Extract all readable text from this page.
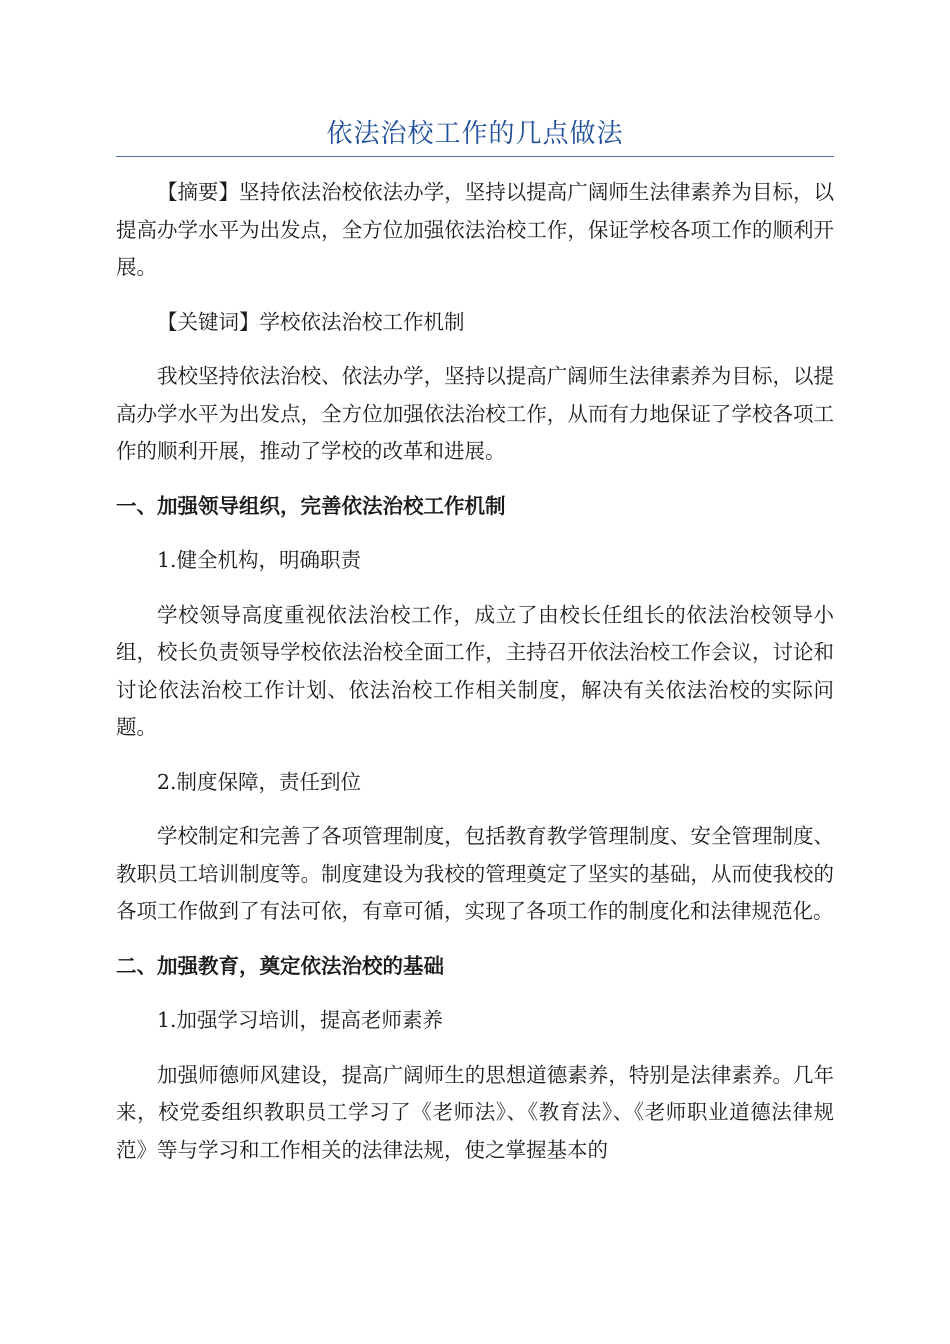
依法治校工作的几点做法

【摘要】坚持依法治校依法办学，坚持以提高广阔师生法律素养为目标，以提高办学水平为出发点，全方位加强依法治校工作，保证学校各项工作的顺利开展。

【关键词】学校依法治校工作机制

我校坚持依法治校、依法办学，坚持以提高广阔师生法律素养为目标，以提高办学水平为出发点，全方位加强依法治校工作，从而有力地保证了学校各项工作的顺利开展，推动了学校的改革和进展。

一、加强领导组织，完善依法治校工作机制

1.健全机构，明确职责

学校领导高度重视依法治校工作，成立了由校长任组长的依法治校领导小组，校长负责领导学校依法治校全面工作，主持召开依法治校工作会议，讨论和讨论依法治校工作计划、依法治校工作相关制度，解决有关依法治校的实际问题。

2.制度保障，责任到位

学校制定和完善了各项管理制度，包括教育教学管理制度、安全管理制度、教职员工培训制度等。制度建设为我校的管理奠定了坚实的基础，从而使我校的各项工作做到了有法可依，有章可循，实现了各项工作的制度化和法律规范化。

二、加强教育，奠定依法治校的基础

1.加强学习培训，提高老师素养

加强师德师风建设，提高广阔师生的思想道德素养，特别是法律素养。几年来，校党委组织教职员工学习了《老师法》、《教育法》、《老师职业道德法律规范》等与学习和工作相关的法律法规，使之掌握基本的
